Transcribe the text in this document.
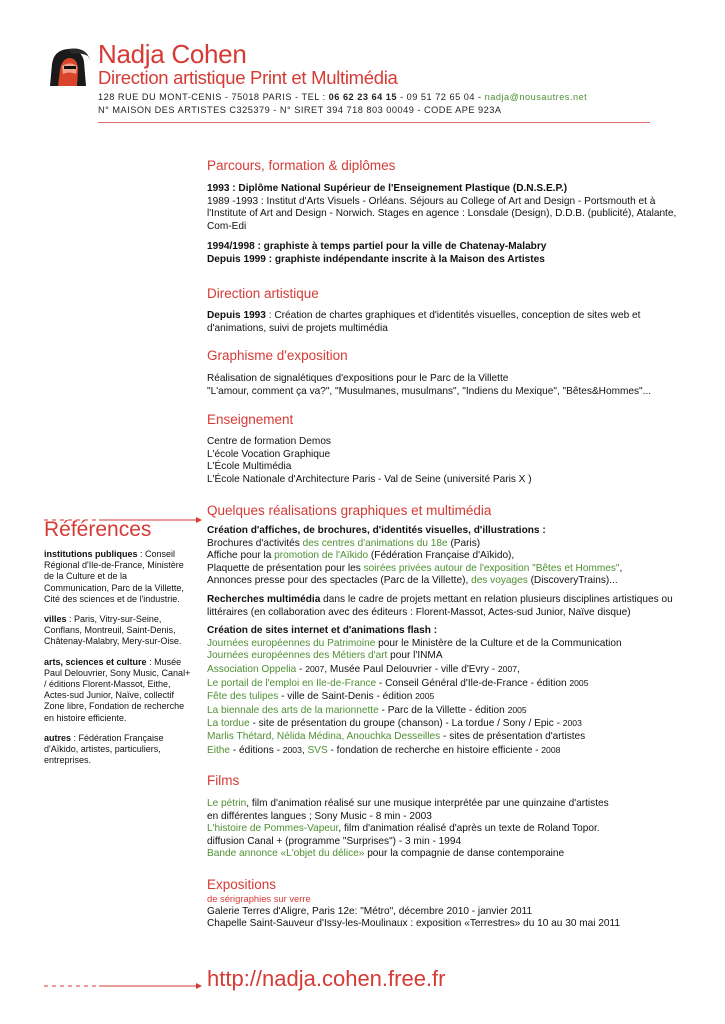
Nadja Cohen
Direction artistique Print et Multimédia
128 RUE DU MONT-CENIS - 75018 PARIS - TEL : 06 62 23 64 15 - 09 51 72 65 04 - nadja@nousautres.net
N° MAISON DES ARTISTES C325379 - N° SIRET 394 718 803 00049 - CODE APE 923A
Parcours, formation & diplômes

1993 : Diplôme National Supérieur de l'Enseignement Plastique (D.N.S.E.P.)

1989 -1993 : Institut d'Arts Visuels - Orléans. Séjours au College of Art and Design - Portsmouth et à l'Institute of Art and Design - Norwich. Stages en agence : Lonsdale (Design), D.D.B. (publicité), Atalante, Com-Edi

1994/1998 : graphiste à temps partiel pour la ville de Chatenay-Malabry

Depuis 1999 : graphiste indépendante inscrite à la Maison des Artistes

Direction artistique

Depuis 1993 : Création de chartes graphiques et d'identités visuelles, conception de sites web et d'animations, suivi de projets multimédia

Graphisme d'exposition

Réalisation de signalétiques d'expositions pour le Parc de la Villette

"L'amour, comment ça va?", "Musulmanes, musulmans", "Indiens du Mexique", "Bêtes&Hommes"...

Enseignement

Centre de formation Demos

L'école Vocation Graphique

L'École Multimédia

L'École Nationale d'Architecture Paris - Val de Seine (université Paris X )

Quelques réalisations graphiques et multimédia

Création d'affiches, de brochures, d'identités visuelles, d'illustrations :

Brochures d'activités des centres d'animations du 18e (Paris)

Affiche pour la promotion de l'Aïkido (Fédération Française d'Aïkido),

Plaquette de présentation pour les soirées privées autour de l'exposition "Bêtes et Hommes",

Annonces presse pour des spectacles (Parc de la Villette), des voyages (DiscoveryTrains)...

Recherches multimédia dans le cadre de projets mettant en relation plusieurs disciplines artistiques ou littéraires (en collaboration avec des éditeurs : Florent-Massot, Actes-sud Junior, Naïve disque)

Création de sites internet et d'animations flash :

Journées européennes du Patrimoine pour le Ministère de la Culture et de la Communication

Journées européennes des Métiers d'art pour l'INMA

Association Oppelia - 2007, Musée Paul Delouvrier - ville d'Evry - 2007,

Le portail de l'emploi en Ile-de-France - Conseil Général d'Ile-de-France - édition 2005

Fête des tulipes - ville de Saint-Denis - édition 2005

La biennale des arts de la marionnette - Parc de la Villette - édition 2005

La tordue - site de présentation du groupe (chanson) - La tordue / Sony / Epic - 2003

Marlis Thétard, Nélida Médina, Anouchka Desseilles - sites de présentation d'artistes

Eithe - éditions - 2003, SVS - fondation de recherche en histoire efficiente - 2008

Références

institutions publiques : Conseil Régional d'Ile-de-France, Ministère de la Culture et de la Communication, Parc de la Villette, Cité des sciences et de l'industrie.

villes : Paris, Vitry-sur-Seine, Conflans, Montreuil, Saint-Denis, Châtenay-Malabry, Mery-sur-Oise.

arts, sciences et culture : Musée Paul Delouvrier, Sony Music, Canal+ / éditions Florent-Massot, Eithe, Actes-sud Junior, Naïve, collectif Zone libre, Fondation de recherche en histoire efficiente.

autres : Fédération Française d'Aïkido, artistes, particuliers, entreprises.

Films

Le pétrin, film d'animation réalisé sur une musique interprétée par une quinzaine d'artistes

en différentes langues ; Sony Music - 8 min - 2003

L'histoire de Pommes-Vapeur, film d'animation réalisé d'après un texte de Roland Topor.

diffusion Canal + (programme "Surprises") - 3 min - 1994

Bande annonce «L'objet du délice» pour la compagnie de danse contemporaine

Expositions

de sérigraphies sur verre

Galerie Terres d'Aligre, Paris 12e: "Métro", décembre 2010 - janvier 2011

Chapelle Saint-Sauveur d'Issy-les-Moulinaux : exposition «Terrestres» du 10 au 30 mai 2011

http://nadja.cohen.free.fr
